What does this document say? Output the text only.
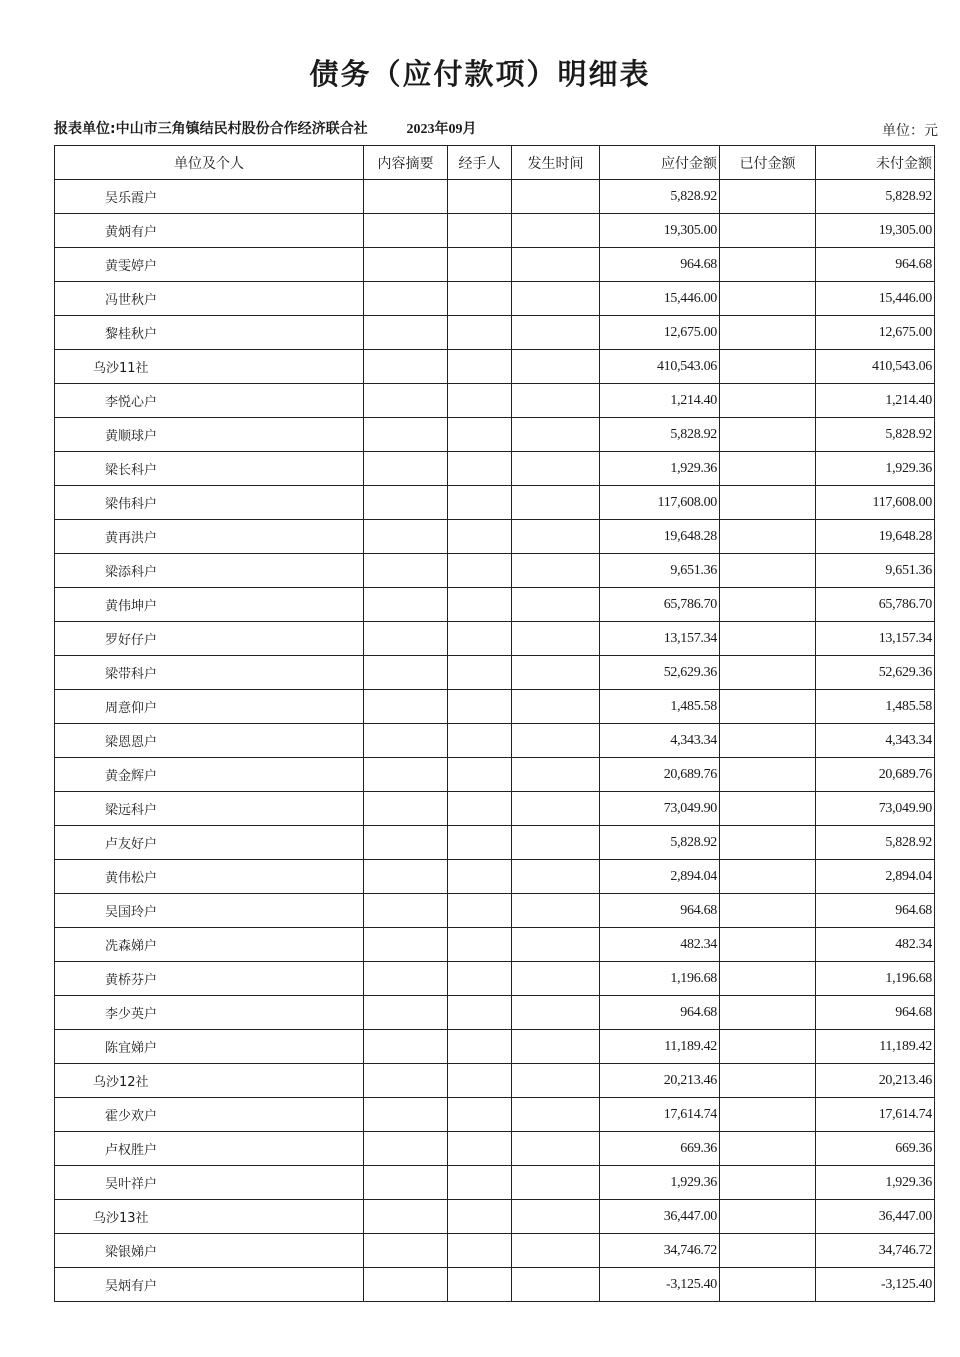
债务（应付款项）明细表
报表单位:中山市三角镇结民村股份合作经济联合社	2023年09月	单位：元
单位及个人	内容摘要	经手人	发生时间	应付金额	已付金额	未付金额
吴乐霞户				5,828.92		5,828.92
黄炳有户				19,305.00		19,305.00
黄雯婷户				964.68		964.68
冯世秋户				15,446.00		15,446.00
黎桂秋户				12,675.00		12,675.00
乌沙11社				410,543.06		410,543.06
李悦心户				1,214.40		1,214.40
黄顺球户				5,828.92		5,828.92
梁长科户				1,929.36		1,929.36
梁伟科户				117,608.00		117,608.00
黄再洪户				19,648.28		19,648.28
梁添科户				9,651.36		9,651.36
黄伟坤户				65,786.70		65,786.70
罗好仔户				13,157.34		13,157.34
梁带科户				52,629.36		52,629.36
周意仰户				1,485.58		1,485.58
梁恩恩户				4,343.34		4,343.34
黄金辉户				20,689.76		20,689.76
梁远科户				73,049.90		73,049.90
卢友好户				5,828.92		5,828.92
黄伟松户				2,894.04		2,894.04
吴国玲户				964.68		964.68
冼森娣户				482.34		482.34
黄桥芬户				1,196.68		1,196.68
李少英户				964.68		964.68
陈宜娣户				11,189.42		11,189.42
乌沙12社				20,213.46		20,213.46
霍少欢户				17,614.74		17,614.74
卢权胜户				669.36		669.36
吴叶祥户				1,929.36		1,929.36
乌沙13社				36,447.00		36,447.00
梁银娣户				34,746.72		34,746.72
吴炳有户				-3,125.40		-3,125.40
